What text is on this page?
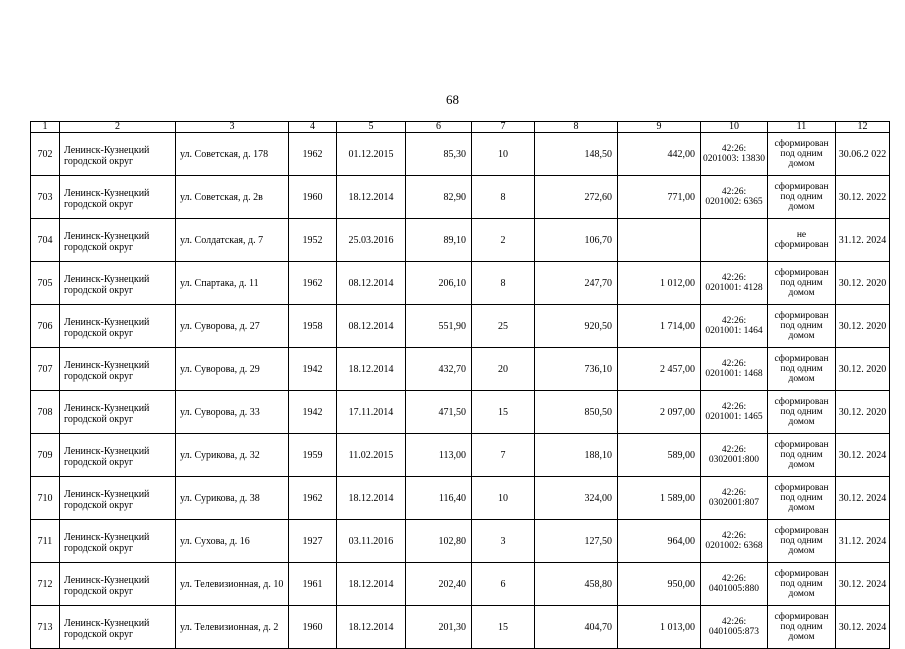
68
1	2	3	4	5	6	7	8	9	10	11	12
702	Ленинск-Кузнецкий городской округ	ул. Советская, д. 178	1962	01.12.2015	85,30	10	148,50	442,00	42:26: 0201003: 13830	сформирован под одним домом	30.06.2 022
703	Ленинск-Кузнецкий городской округ	ул. Советская, д. 2в	1960	18.12.2014	82,90	8	272,60	771,00	42:26: 0201002: 6365	сформирован под одним домом	30.12. 2022
704	Ленинск-Кузнецкий городской округ	ул. Солдатская, д. 7	1952	25.03.2016	89,10	2	106,70			не сформирован	31.12. 2024
705	Ленинск-Кузнецкий городской округ	ул. Спартака, д. 11	1962	08.12.2014	206,10	8	247,70	1 012,00	42:26: 0201001: 4128	сформирован под одним домом	30.12. 2020
706	Ленинск-Кузнецкий городской округ	ул. Суворова, д. 27	1958	08.12.2014	551,90	25	920,50	1 714,00	42:26: 0201001: 1464	сформирован под одним домом	30.12. 2020
707	Ленинск-Кузнецкий городской округ	ул. Суворова, д. 29	1942	18.12.2014	432,70	20	736,10	2 457,00	42:26: 0201001: 1468	сформирован под одним домом	30.12. 2020
708	Ленинск-Кузнецкий городской округ	ул. Суворова, д. 33	1942	17.11.2014	471,50	15	850,50	2 097,00	42:26: 0201001: 1465	сформирован под одним домом	30.12. 2020
709	Ленинск-Кузнецкий городской округ	ул. Сурикова, д. 32	1959	11.02.2015	113,00	7	188,10	589,00	42:26: 0302001:800	сформирован под одним домом	30.12. 2024
710	Ленинск-Кузнецкий городской округ	ул. Сурикова, д. 38	1962	18.12.2014	116,40	10	324,00	1 589,00	42:26: 0302001:807	сформирован под одним домом	30.12. 2024
711	Ленинск-Кузнецкий городской округ	ул. Сухова, д. 16	1927	03.11.2016	102,80	3	127,50	964,00	42:26: 0201002: 6368	сформирован под одним домом	31.12. 2024
712	Ленинск-Кузнецкий городской округ	ул. Телевизионная, д. 10	1961	18.12.2014	202,40	6	458,80	950,00	42:26: 0401005:880	сформирован под одним домом	30.12. 2024
713	Ленинск-Кузнецкий городской округ	ул. Телевизионная, д. 2	1960	18.12.2014	201,30	15	404,70	1 013,00	42:26: 0401005:873	сформирован под одним домом	30.12. 2024
